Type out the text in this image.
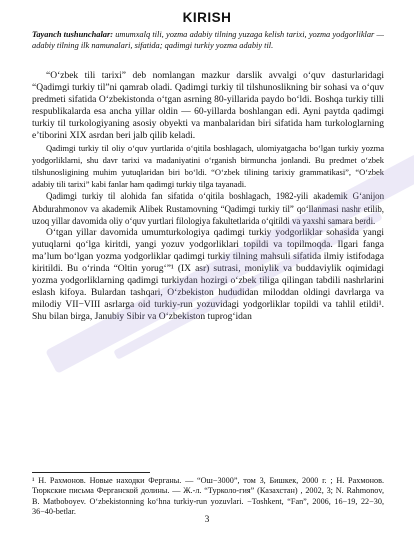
KIRISH
Tayanch tushunchalar: umumxalq tili, yozma adabiy tilning yuzaga kelish tarixi, yozma yodgorliklar — adabiy tilning ilk namunalari, sifatida; qadimgi turkiy yozma adabiy til.

“O‘zbek tili tarixi” deb nomlangan mazkur darslik avvalgi o‘quv dasturlaridagi “Qadimgi turkiy til”ni qamrab oladi. Qadimgi turkiy til tilshunoslikning bir sohasi va o‘quv predmeti sifatida O‘zbekistonda o‘tgan asrning 80-yillarida paydo bo‘ldi. Boshqa turkiy tilli respublikalarda esa ancha yillar oldin — 60-yillarda boshlangan edi. Ayni paytda qadimgi turkiy til turkologiyaning asosiy obyekti va manbalaridan biri sifatida ham turkologlarning e’tiborini XIX asrdan beri jalb qilib keladi.

Qadimgi turkiy til oliy o‘quv yurtlarida o‘qitila boshlagach, ulomiyatgacha bo‘lgan turkiy yozma yodgorliklarni, shu davr tarixi va madaniyatini o‘rganish birmuncha jonlandi. Bu predmet o‘zbek tilshunosligining muhim yutuqlaridan biri bo‘ldi. “O‘zbek tilining tarixiy grammatikasi”, “O‘zbek adabiy tili tarixi” kabi fanlar ham qadimgi turkiy tilga tayanadi.

Qadimgi turkiy til alohida fan sifatida o‘qitila boshlagach, 1982-yili akademik G‘anijon Abdurahmonov va akademik Alibek Rustamovning “Qadimgi turkiy til” qo‘llanmasi nashr etilib, uzoq yillar davomida oliy o‘quv yurtlari filologiya fakultetlarida o‘qitildi va yaxshi samara berdi.

O‘tgan yillar davomida umumturkologiya qadimgi turkiy yodgorliklar sohasida yangi yutuqlarni qo‘lga kiritdi, yangi yozuv yodgorliklari topildi va topilmoqda. Ilgari fanga ma’lum bo‘lgan yozma yodgorliklar qadimgi turkiy tilning mahsuli sifatida ilmiy istifodaga kiritildi. Bu o‘rinda “Oltin yorug‘”¹ (IX asr) sutrasi, moniylik va buddaviylik oqimidagi yozma yodgorliklarning qadimgi turkiydan hozirgi o‘zbek tiliga qilingan tabdili nashrlarini eslash kifoya. Bulardan tashqari, O‘zbekiston hududidan miloddan oldingi davrlarga va milodiy VII−VIII asrlarga oid turkiy-run yozuvidagi yodgorliklar topildi va tahlil etildi¹. Shu bilan birga, Janubiy Sibir va O‘zbekiston tuprog‘idan

¹ Н. Рахмонов. Новые находки Ферганы. — “Ош−3000”, том 3, Бишкек, 2000 г. ; Н. Рахмонов. Тюркские письма Ферганской долины. — Ж.-л. “Турколо-гия” (Казахстан) , 2002, 3; N. Rahmonov, B. Matboboyev. O‘zbekistonning ko‘hna turkiy-run yozuvlari. −Toshkent, “Fan”, 2006, 16−19, 22−30, 36−40-betlar.
3
